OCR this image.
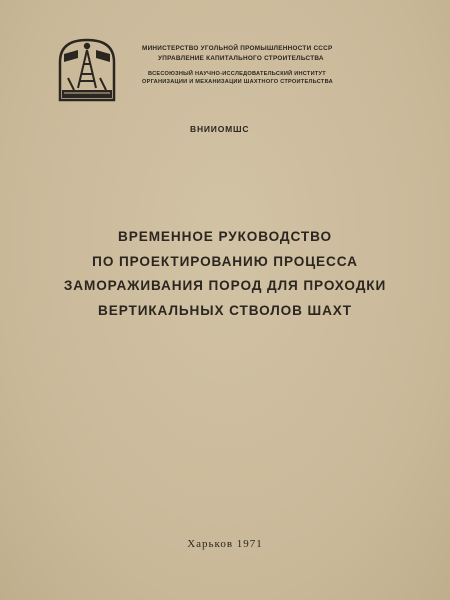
МИНИСТЕРСТВО УГОЛЬНОЙ ПРОМЫШЛЕННОСТИ СССР
УПРАВЛЕНИЕ КАПИТАЛЬНОГО СТРОИТЕЛЬСТВА
ВСЕСОЮЗНЫЙ НАУЧНО-ИССЛЕДОВАТЕЛЬСКИЙ ИНСТИТУТ
ОРГАНИЗАЦИИ И МЕХАНИЗАЦИИ ШАХТНОГО СТРОИТЕЛЬСТВА
ВНИИОМШС
ВРЕМЕННОЕ РУКОВОДСТВО
ПО ПРОЕКТИРОВАНИЮ ПРОЦЕССА
ЗАМОРАЖИВАНИЯ ПОРОД ДЛЯ ПРОХОДКИ
ВЕРТИКАЛЬНЫХ СТВОЛОВ ШАХТ
Харьков 1971
